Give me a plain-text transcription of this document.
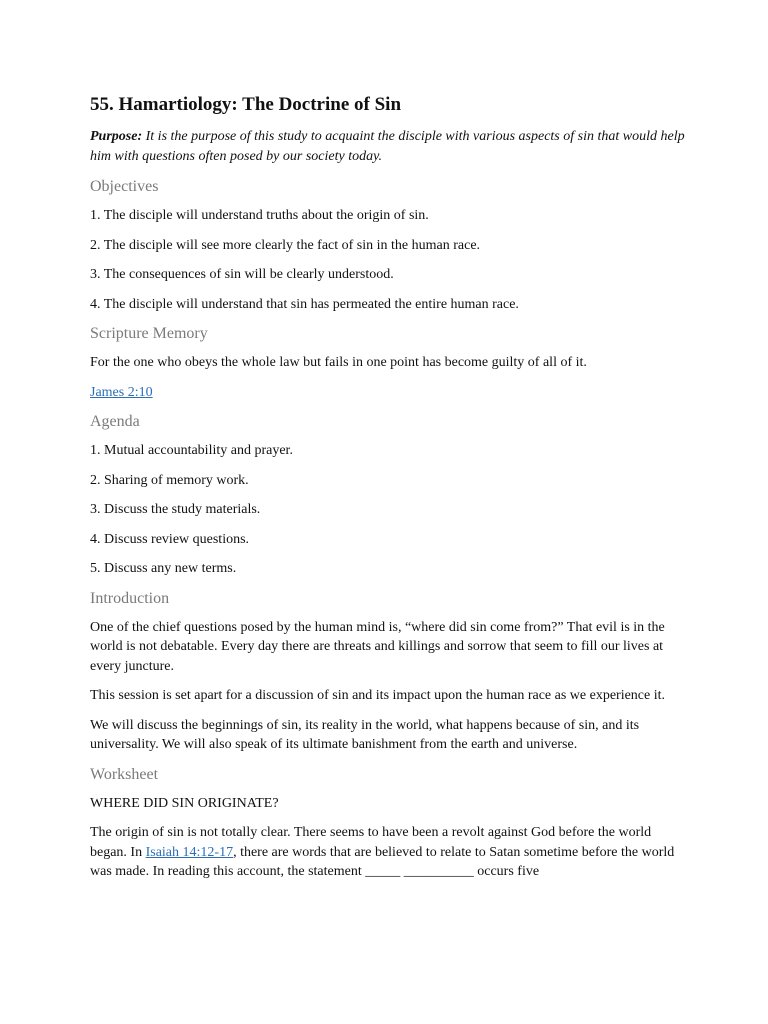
55. Hamartiology: The Doctrine of Sin

Purpose: It is the purpose of this study to acquaint the disciple with various aspects of sin that would help him with questions often posed by our society today.

Objectives

1. The disciple will understand truths about the origin of sin.

2. The disciple will see more clearly the fact of sin in the human race.

3. The consequences of sin will be clearly understood.

4. The disciple will understand that sin has permeated the entire human race.

Scripture Memory

For the one who obeys the whole law but fails in one point has become guilty of all of it.

James 2:10

Agenda

1. Mutual accountability and prayer.

2. Sharing of memory work.

3. Discuss the study materials.

4. Discuss review questions.

5. Discuss any new terms.

Introduction

One of the chief questions posed by the human mind is, “where did sin come from?” That evil is in the world is not debatable. Every day there are threats and killings and sorrow that seem to fill our lives at every juncture.

This session is set apart for a discussion of sin and its impact upon the human race as we experience it.

We will discuss the beginnings of sin, its reality in the world, what happens because of sin, and its universality. We will also speak of its ultimate banishment from the earth and universe.

Worksheet

WHERE DID SIN ORIGINATE?

The origin of sin is not totally clear. There seems to have been a revolt against God before the world began. In Isaiah 14:12-17, there are words that are believed to relate to Satan sometime before the world was made. In reading this account, the statement _____ __________ occurs five
